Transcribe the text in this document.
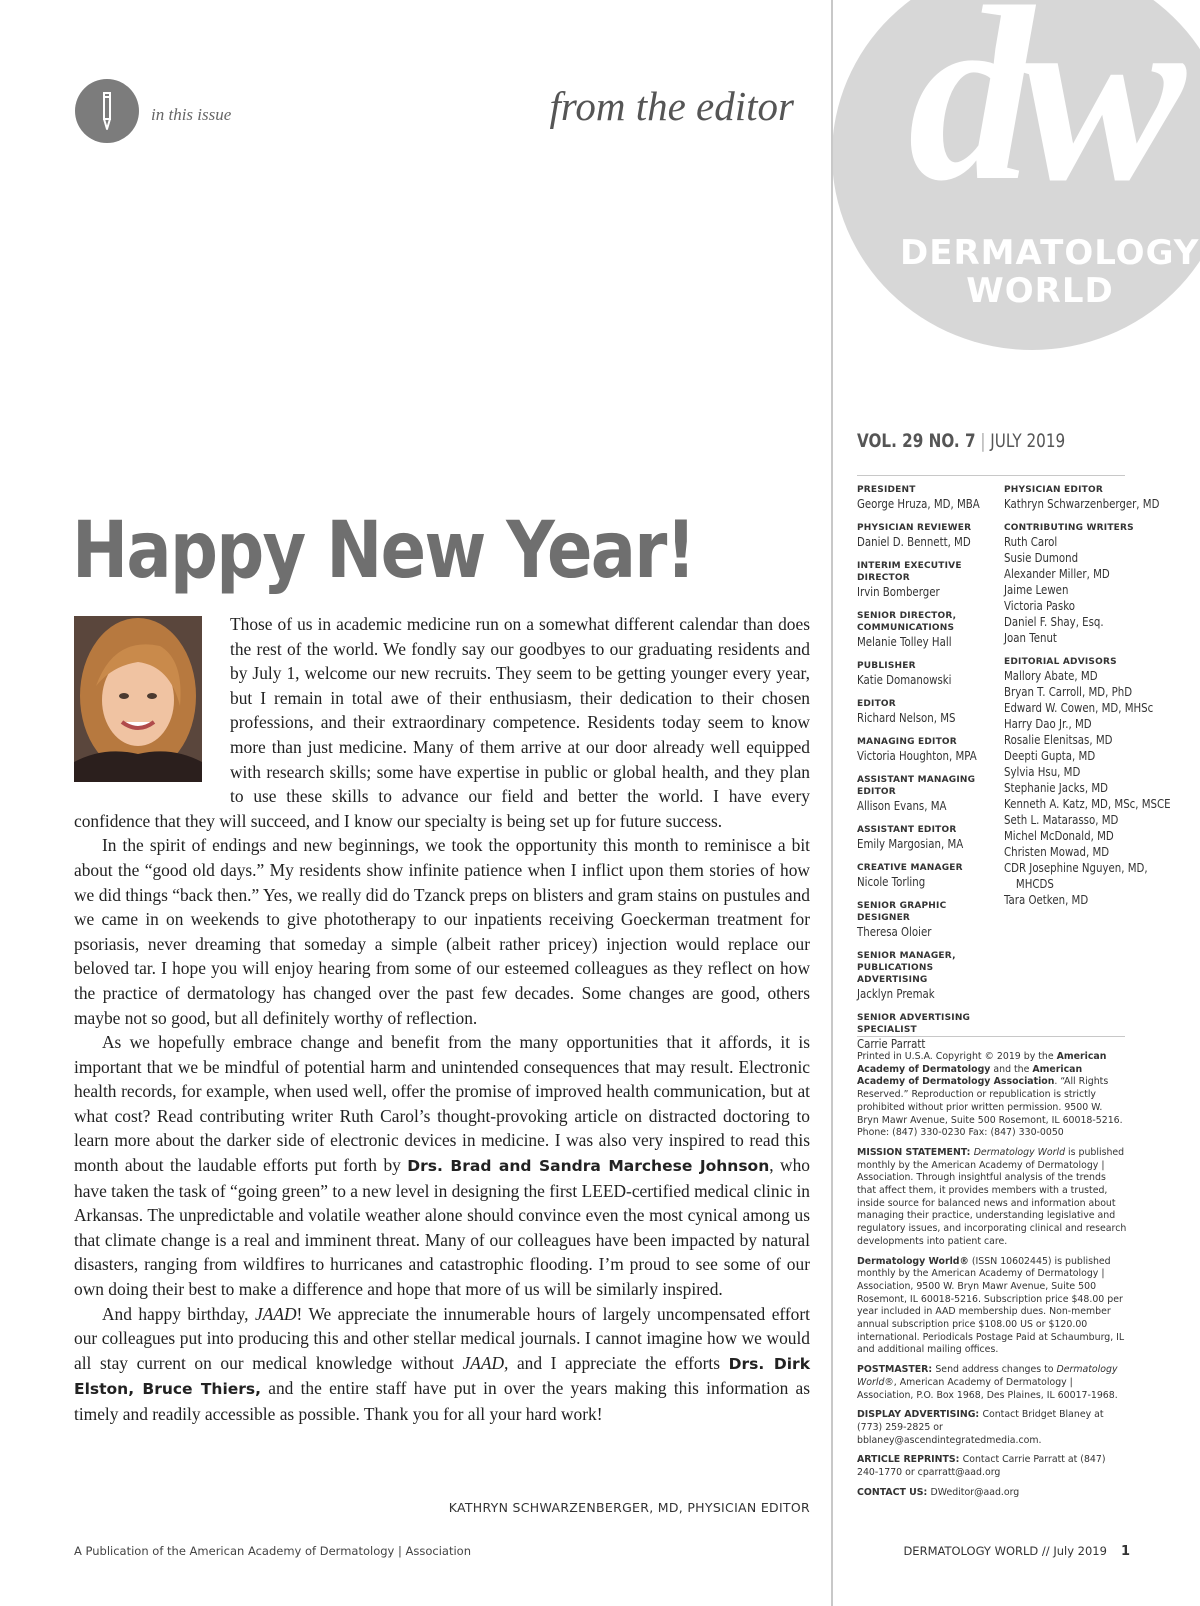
dw
DERMATOLOGY
WORLD
in this issue	from the editor
Happy New Year!

Those of us in academic medicine run on a somewhat different calendar than does the rest of the world. We fondly say our goodbyes to our graduating residents and by July 1, welcome our new recruits. They seem to be getting younger every year, but I remain in total awe of their enthusiasm, their dedication to their chosen professions, and their extraordinary competence. Residents today seem to know more than just medicine. Many of them arrive at our door already well equipped with research skills; some have expertise in public or global health, and they plan to use these skills to advance our field and better the world. I have every confidence that they will succeed, and I know our specialty is being set up for future success.

In the spirit of endings and new beginnings, we took the opportunity this month to reminisce a bit about the “good old days.” My residents show infinite patience when I inflict upon them stories of how we did things “back then.” Yes, we really did do Tzanck preps on blisters and gram stains on pustules and we came in on weekends to give phototherapy to our inpatients receiving Goeckerman treatment for psoriasis, never dreaming that someday a simple (albeit rather pricey) injection would replace our beloved tar. I hope you will enjoy hearing from some of our esteemed colleagues as they reflect on how the practice of dermatology has changed over the past few decades. Some changes are good, others maybe not so good, but all definitely worthy of reflection.

As we hopefully embrace change and benefit from the many opportunities that it affords, it is important that we be mindful of potential harm and unintended consequences that may result. Electronic health records, for example, when used well, offer the promise of improved health communication, but at what cost? Read contributing writer Ruth Carol’s thought-provoking article on distracted doctoring to learn more about the darker side of electronic devices in medicine. I was also very inspired to read this month about the laudable efforts put forth by Drs. Brad and Sandra Marchese Johnson, who have taken the task of “going green” to a new level in designing the first LEED-certified medical clinic in Arkansas. The unpredictable and volatile weather alone should convince even the most cynical among us that climate change is a real and imminent threat. Many of our colleagues have been impacted by natural disasters, ranging from wildfires to hurricanes and catastrophic flooding. I’m proud to see some of our own doing their best to make a difference and hope that more of us will be similarly inspired.

And happy birthday, JAAD! We appreciate the innumerable hours of largely uncompensated effort our colleagues put into producing this and other stellar medical journals. I cannot imagine how we would all stay current on our medical knowledge without JAAD, and I appreciate the efforts Drs. Dirk Elston, Bruce Thiers, and the entire staff have put in over the years making this information as timely and readily accessible as possible. Thank you for all your hard work!

KATHRYN SCHWARZENBERGER, MD, PHYSICIAN EDITOR
A Publication of the American Academy of Dermatology | Association	DERMATOLOGY WORLD // July 2019 1
VOL. 29 NO. 7 | JULY 2019
PRESIDENT
George Hruza, MD, MBA
PHYSICIAN REVIEWER
Daniel D. Bennett, MD
INTERIM EXECUTIVE DIRECTOR
Irvin Bomberger
SENIOR DIRECTOR, COMMUNICATIONS
Melanie Tolley Hall
PUBLISHER
Katie Domanowski
EDITOR
Richard Nelson, MS
MANAGING EDITOR
Victoria Houghton, MPA
ASSISTANT MANAGING EDITOR
Allison Evans, MA
ASSISTANT EDITOR
Emily Margosian, MA
CREATIVE MANAGER
Nicole Torling
SENIOR GRAPHIC DESIGNER
Theresa Oloier
SENIOR MANAGER, PUBLICATIONS ADVERTISING
Jacklyn Premak
SENIOR ADVERTISING SPECIALIST
Carrie Parratt
PHYSICIAN EDITOR
Kathryn Schwarzenberger, MD
CONTRIBUTING WRITERS
Ruth Carol
Susie Dumond
Alexander Miller, MD
Jaime Lewen
Victoria Pasko
Daniel F. Shay, Esq.
Joan Tenut
EDITORIAL ADVISORS
Mallory Abate, MD
Bryan T. Carroll, MD, PhD
Edward W. Cowen, MD, MHSc
Harry Dao Jr., MD
Rosalie Elenitsas, MD
Deepti Gupta, MD
Sylvia Hsu, MD
Stephanie Jacks, MD
Kenneth A. Katz, MD, MSc, MSCE
Seth L. Matarasso, MD
Michel McDonald, MD
Christen Mowad, MD
CDR Josephine Nguyen, MD,
MHCDS
Tara Oetken, MD

Printed in U.S.A. Copyright © 2019 by the American Academy of Dermatology and the American Academy of Dermatology Association. “All Rights Reserved.” Reproduction or republication is strictly prohibited without prior written permission. 9500 W. Bryn Mawr Avenue, Suite 500 Rosemont, IL 60018-5216. Phone: (847) 330-0230 Fax: (847) 330-0050

MISSION STATEMENT: Dermatology World is published monthly by the American Academy of Dermatology | Association. Through insightful analysis of the trends that affect them, it provides members with a trusted, inside source for balanced news and information about managing their practice, understanding legislative and regulatory issues, and incorporating clinical and research developments into patient care.

Dermatology World® (ISSN 10602445) is published monthly by the American Academy of Dermatology | Association, 9500 W. Bryn Mawr Avenue, Suite 500 Rosemont, IL 60018-5216. Subscription price $48.00 per year included in AAD membership dues. Non-member annual subscription price $108.00 US or $120.00 international. Periodicals Postage Paid at Schaumburg, IL and additional mailing offices.

POSTMASTER: Send address changes to Dermatology World®, American Academy of Dermatology | Association, P.O. Box 1968, Des Plaines, IL 60017-1968.

DISPLAY ADVERTISING: Contact Bridget Blaney at (773) 259-2825 or bblaney@ascendintegratedmedia.com.

ARTICLE REPRINTS: Contact Carrie Parratt at (847) 240-1770 or cparratt@aad.org

CONTACT US: DWeditor@aad.org
